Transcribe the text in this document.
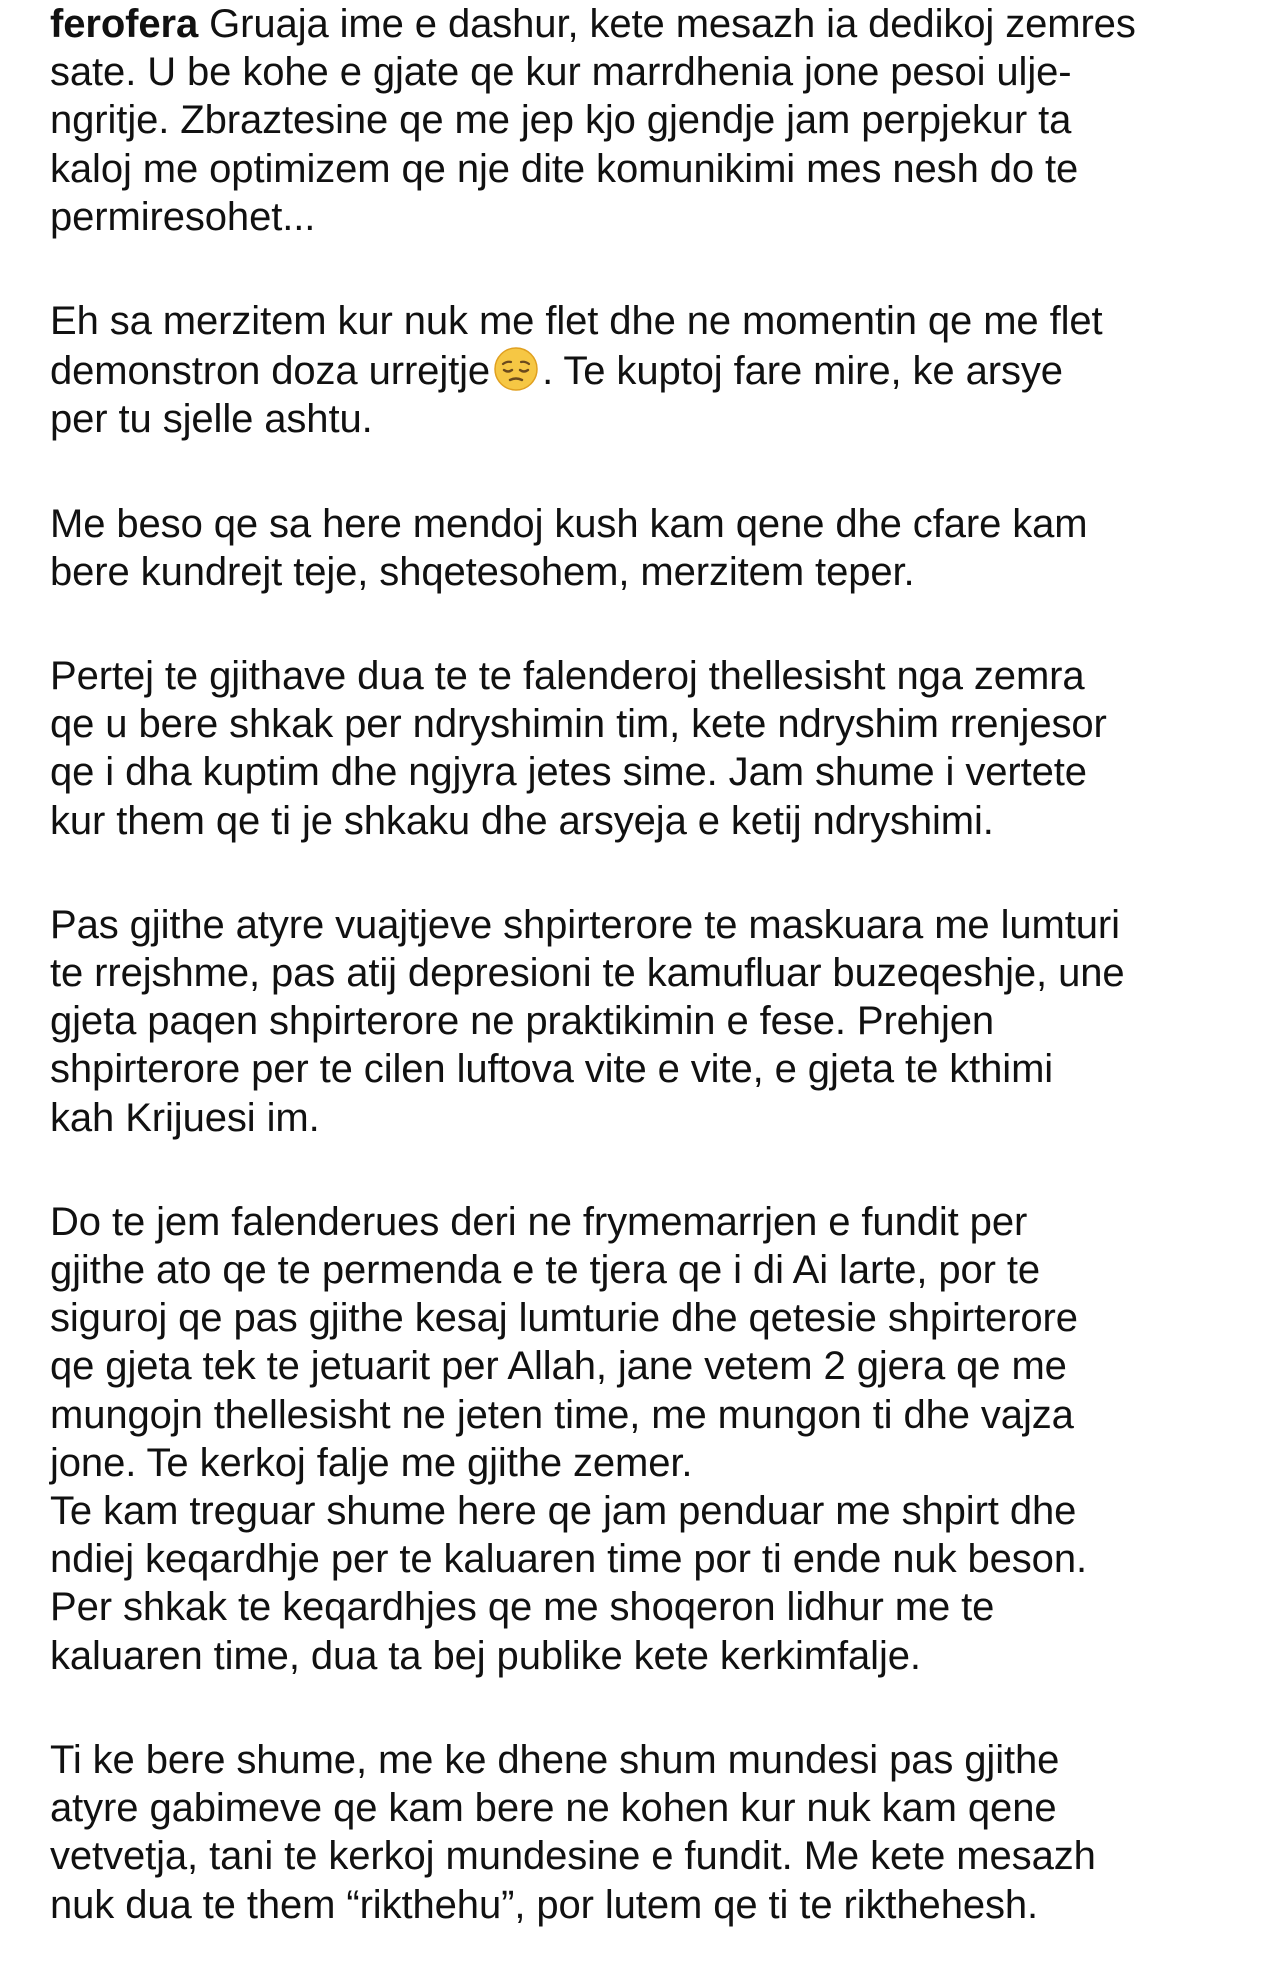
ferofera Gruaja ime e dashur, kete mesazh ia dedikoj zemres
sate. U be kohe e gjate qe kur marrdhenia jone pesoi ulje-
ngritje. Zbraztesine qe me jep kjo gjendje jam perpjekur ta
kaloj me optimizem qe nje dite komunikimi mes nesh do te
permiresohet...
Eh sa merzitem kur nuk me flet dhe ne momentin qe me flet
demonstron doza urrejtje . Te kuptoj fare mire, ke arsye
per tu sjelle ashtu.
Me beso qe sa here mendoj kush kam qene dhe cfare kam
bere kundrejt teje, shqetesohem, merzitem teper.
Pertej te gjithave dua te te falenderoj thellesisht nga zemra
qe u bere shkak per ndryshimin tim, kete ndryshim rrenjesor
qe i dha kuptim dhe ngjyra jetes sime. Jam shume i vertete
kur them qe ti je shkaku dhe arsyeja e ketij ndryshimi.
Pas gjithe atyre vuajtjeve shpirterore te maskuara me lumturi
te rrejshme, pas atij depresioni te kamufluar buzeqeshje, une
gjeta paqen shpirterore ne praktikimin e fese. Prehjen
shpirterore per te cilen luftova vite e vite, e gjeta te kthimi
kah Krijuesi im.
Do te jem falenderues deri ne frymemarrjen e fundit per
gjithe ato qe te permenda e te tjera qe i di Ai larte, por te
siguroj qe pas gjithe kesaj lumturie dhe qetesie shpirterore
qe gjeta tek te jetuarit per Allah, jane vetem 2 gjera qe me
mungojn thellesisht ne jeten time, me mungon ti dhe vajza
jone. Te kerkoj falje me gjithe zemer.
Te kam treguar shume here qe jam penduar me shpirt dhe
ndiej keqardhje per te kaluaren time por ti ende nuk beson.
Per shkak te keqardhjes qe me shoqeron lidhur me te
kaluaren time, dua ta bej publike kete kerkimfalje.
Ti ke bere shume, me ke dhene shum mundesi pas gjithe
atyre gabimeve qe kam bere ne kohen kur nuk kam qene
vetvetja, tani te kerkoj mundesine e fundit. Me kete mesazh
nuk dua te them “rikthehu”, por lutem qe ti te rikthehesh.
